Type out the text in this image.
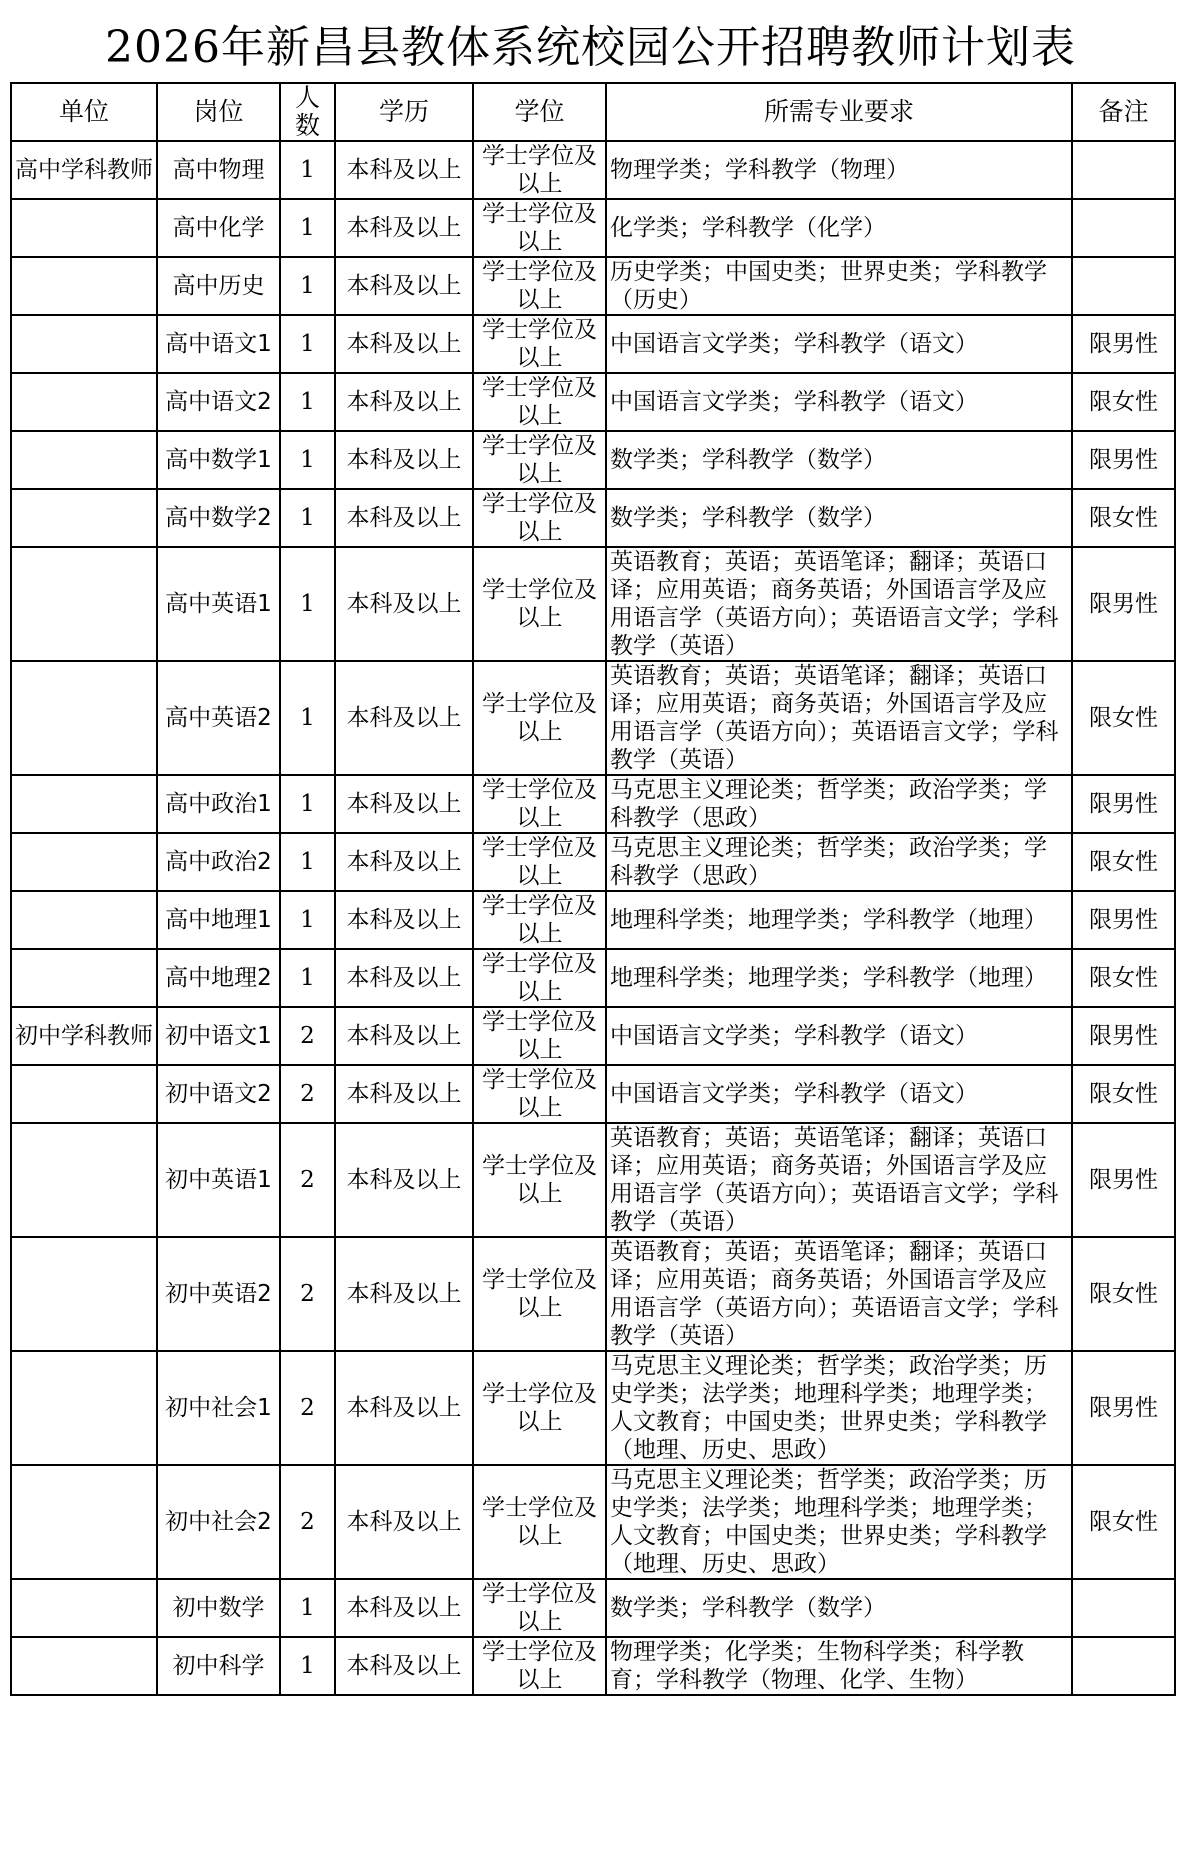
2026年新昌县教体系统校园公开招聘教师计划表
单位	岗位	人数	学历	学位	所需专业要求	备注
高中学科教师	高中物理	1	本科及以上	学士学位及以上	物理学类；学科教学（物理）	
	高中化学	1	本科及以上	学士学位及以上	化学类；学科教学（化学）	
	高中历史	1	本科及以上	学士学位及以上	历史学类；中国史类；世界史类；学科教学（历史）	
	高中语文1	1	本科及以上	学士学位及以上	中国语言文学类；学科教学（语文）	限男性
	高中语文2	1	本科及以上	学士学位及以上	中国语言文学类；学科教学（语文）	限女性
	高中数学1	1	本科及以上	学士学位及以上	数学类；学科教学（数学）	限男性
	高中数学2	1	本科及以上	学士学位及以上	数学类；学科教学（数学）	限女性
	高中英语1	1	本科及以上	学士学位及以上	英语教育；英语；英语笔译；翻译；英语口译；应用英语；商务英语；外国语言学及应用语言学（英语方向）；英语语言文学；学科教学（英语）	限男性
	高中英语2	1	本科及以上	学士学位及以上	英语教育；英语；英语笔译；翻译；英语口译；应用英语；商务英语；外国语言学及应用语言学（英语方向）；英语语言文学；学科教学（英语）	限女性
	高中政治1	1	本科及以上	学士学位及以上	马克思主义理论类；哲学类；政治学类；学科教学（思政）	限男性
	高中政治2	1	本科及以上	学士学位及以上	马克思主义理论类；哲学类；政治学类；学科教学（思政）	限女性
	高中地理1	1	本科及以上	学士学位及以上	地理科学类；地理学类；学科教学（地理）	限男性
	高中地理2	1	本科及以上	学士学位及以上	地理科学类；地理学类；学科教学（地理）	限女性
初中学科教师	初中语文1	2	本科及以上	学士学位及以上	中国语言文学类；学科教学（语文）	限男性
	初中语文2	2	本科及以上	学士学位及以上	中国语言文学类；学科教学（语文）	限女性
	初中英语1	2	本科及以上	学士学位及以上	英语教育；英语；英语笔译；翻译；英语口译；应用英语；商务英语；外国语言学及应用语言学（英语方向）；英语语言文学；学科教学（英语）	限男性
	初中英语2	2	本科及以上	学士学位及以上	英语教育；英语；英语笔译；翻译；英语口译；应用英语；商务英语；外国语言学及应用语言学（英语方向）；英语语言文学；学科教学（英语）	限女性
	初中社会1	2	本科及以上	学士学位及以上	马克思主义理论类；哲学类；政治学类；历史学类；法学类；地理科学类；地理学类；人文教育；中国史类；世界史类；学科教学（地理、历史、思政）	限男性
	初中社会2	2	本科及以上	学士学位及以上	马克思主义理论类；哲学类；政治学类；历史学类；法学类；地理科学类；地理学类；人文教育；中国史类；世界史类；学科教学（地理、历史、思政）	限女性
	初中数学	1	本科及以上	学士学位及以上	数学类；学科教学（数学）	
	初中科学	1	本科及以上	学士学位及以上	物理学类；化学类；生物科学类；科学教育；学科教学（物理、化学、生物）	
